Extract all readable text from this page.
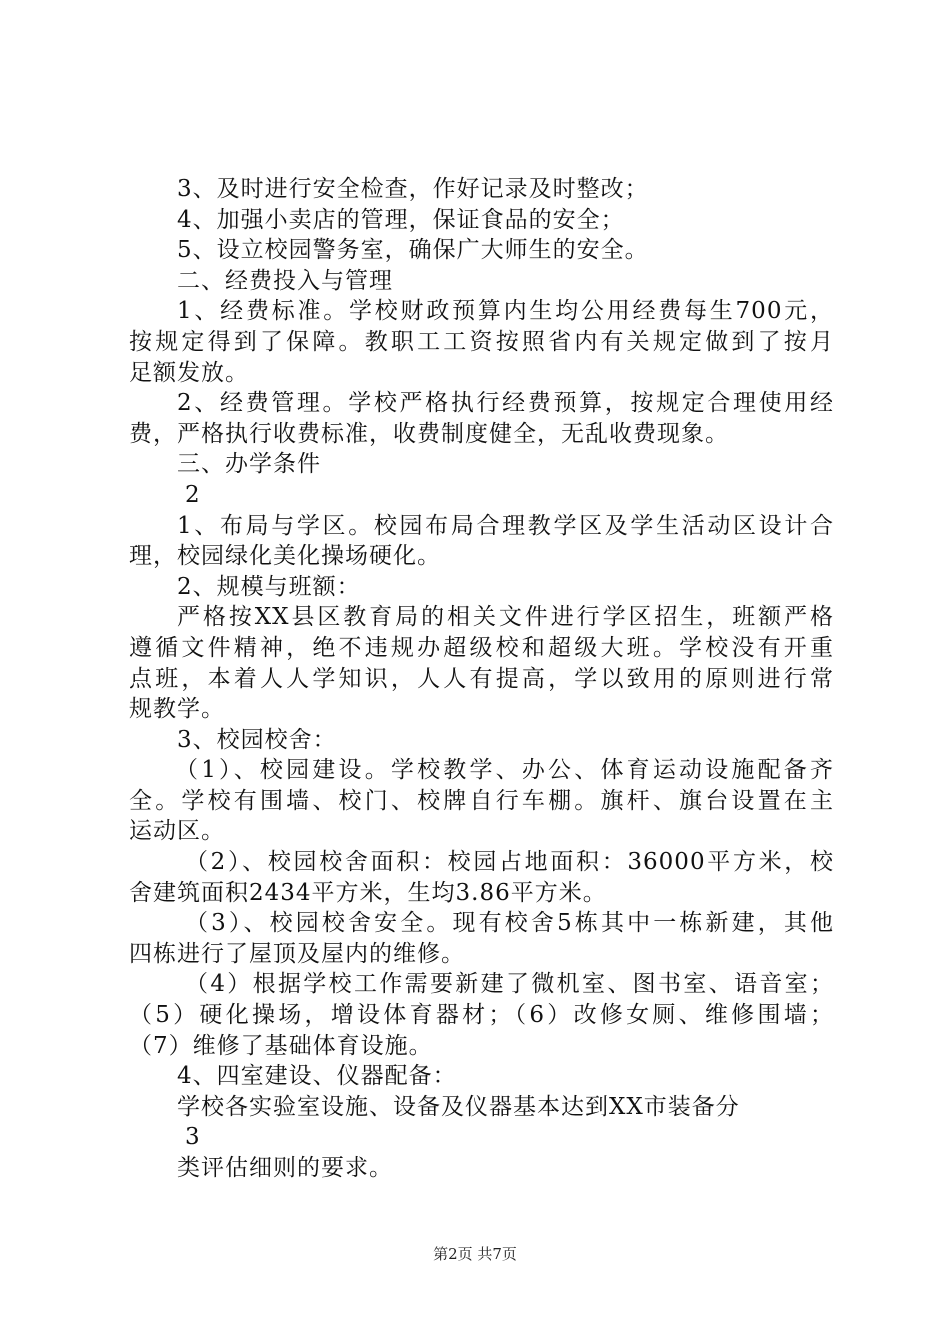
3、及时进行安全检查，作好记录及时整改；
4、加强小卖店的管理，保证食品的安全；
5、设立校园警务室，确保广大师生的安全。
二、经费投入与管理
1、经费标准。学校财政预算内生均公用经费每生700元，
按规定得到了保障。教职工工资按照省内有关规定做到了按月
足额发放。
2、经费管理。学校严格执行经费预算，按规定合理使用经
费，严格执行收费标准，收费制度健全，无乱收费现象。
三、办学条件
2
1、布局与学区。校园布局合理教学区及学生活动区设计合
理，校园绿化美化操场硬化。
2、规模与班额：
严格按XX县区教育局的相关文件进行学区招生，班额严格
遵循文件精神，绝不违规办超级校和超级大班。学校没有开重
点班，本着人人学知识，人人有提高，学以致用的原则进行常
规教学。
3、校园校舍：
（1）、校园建设。学校教学、办公、体育运动设施配备齐
全。学校有围墙、校门、校牌自行车棚。旗杆、旗台设置在主
运动区。
（2）、校园校舍面积：校园占地面积：36000平方米，校
舍建筑面积2434平方米，生均3.86平方米。
（3）、校园校舍安全。现有校舍5栋其中一栋新建，其他
四栋进行了屋顶及屋内的维修。
（4）根据学校工作需要新建了微机室、图书室、语音室；
（5）硬化操场，增设体育器材；（6）改修女厕、维修围墙；
（7）维修了基础体育设施。
4、四室建设、仪器配备：
学校各实验室设施、设备及仪器基本达到XX市装备分
3
类评估细则的要求。
第2页 共7页
